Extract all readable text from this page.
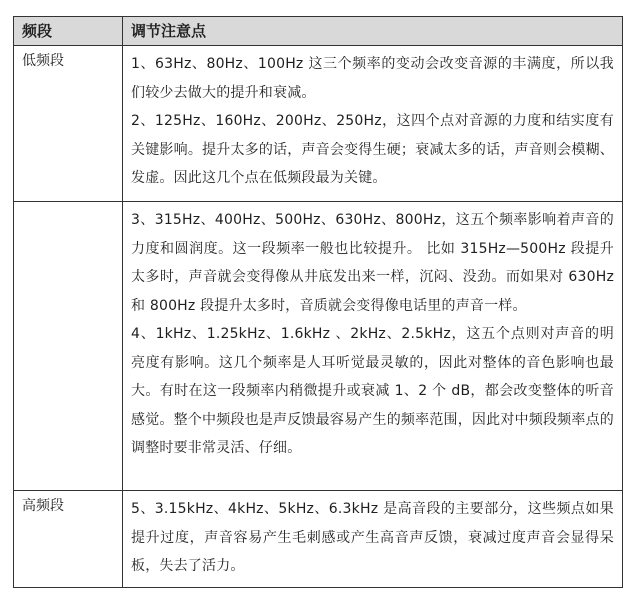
频段	调节注意点
低频段	1、63Hz、80Hz、100Hz 这三个频率的变动会改变音源的丰满度，所以我们较少去做大的提升和衰减。
2、125Hz、160Hz、200Hz、250Hz，这四个点对音源的力度和结实度有关键影响。提升太多的话，声音会变得生硬；衰减太多的话，声音则会模糊、发虚。因此这几个点在低频段最为关键。

	3、315Hz、400Hz、500Hz、630Hz、800Hz，这五个频率影响着声音的力度和圆润度。这一段频率一般也比较提升。 比如 315Hz—500Hz 段提升太多时，声音就会变得像从井底发出来一样，沉闷、没劲。而如果对 630Hz 和 800Hz 段提升太多时，音质就会变得像电话里的声音一样。
4、1kHz、1.25kHz、1.6kHz 、2kHz、2.5kHz，这五个点则对声音的明亮度有影响。这几个频率是人耳听觉最灵敏的，因此对整体的音色影响也最大。有时在这一段频率内稍微提升或衰减 1、2 个 dB，都会改变整体的听音感觉。整个中频段也是声反馈最容易产生的频率范围，因此对中频段频率点的调整时要非常灵活、仔细。

高频段	5、3.15kHz、4kHz、5kHz、6.3kHz 是高音段的主要部分，这些频点如果提升过度，声音容易产生毛刺感或产生高音声反馈，衰减过度声音会显得呆板，失去了活力。
